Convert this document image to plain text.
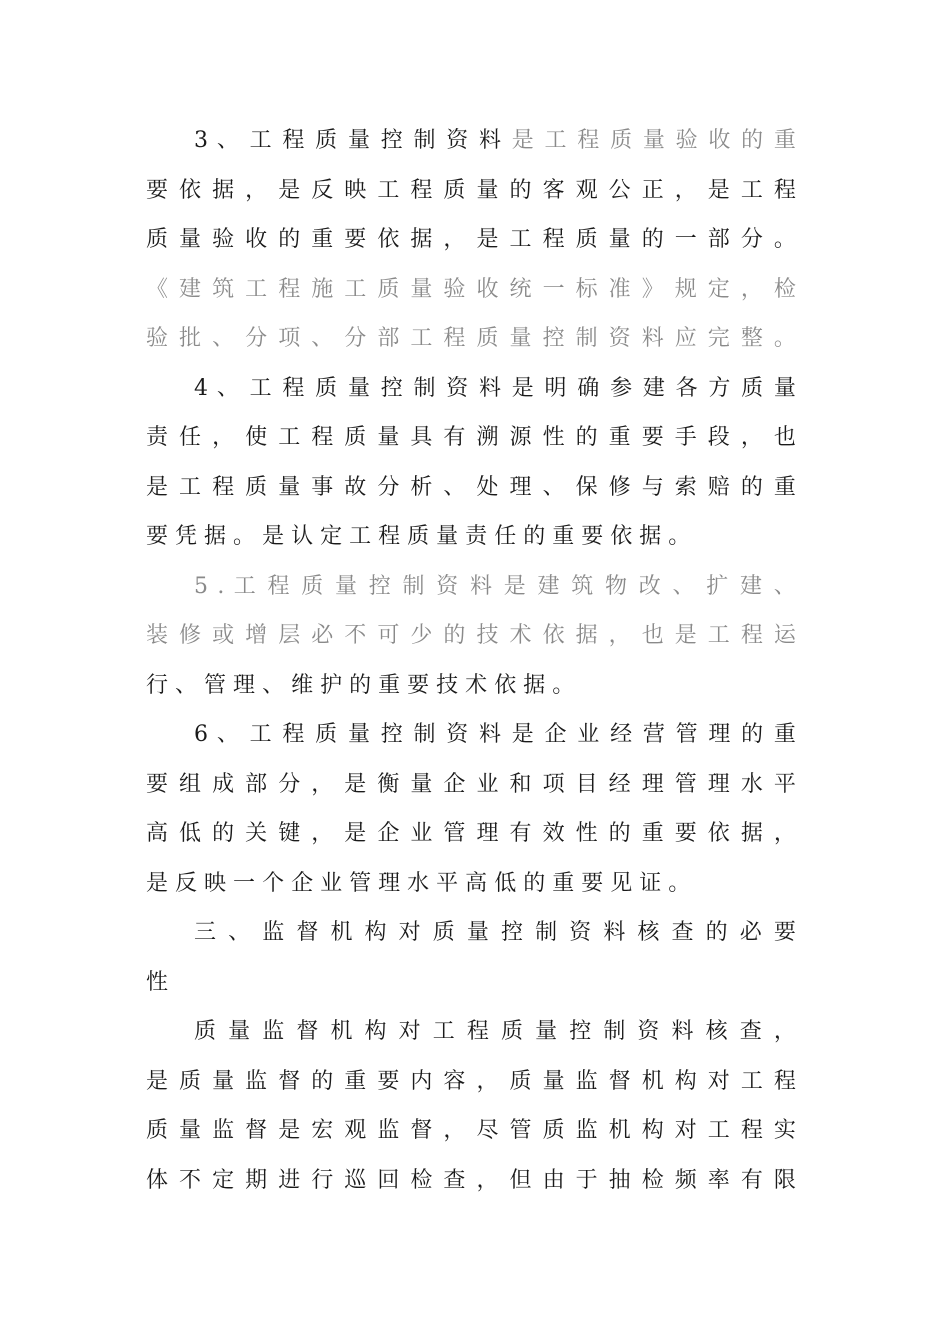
3 、 工 程 质 量 控 制 资 料 是 工 程 质 量 验 收 的 重
要 依 据 ， 是 反 映 工 程 质 量 的 客 观 公 正 ， 是 工 程
质 量 验 收 的 重 要 依 据 ， 是 工 程 质 量 的 一 部 分 。
《 建 筑 工 程 施 工 质 量 验 收 统 一 标 准 》 规 定 ， 检
验 批 、 分 项 、 分 部 工 程 质 量 控 制 资 料 应 完 整 。
4 、 工 程 质 量 控 制 资 料 是 明 确 参 建 各 方 质 量
责 任 ， 使 工 程 质 量 具 有 溯 源 性 的 重 要 手 段 ， 也
是 工 程 质 量 事 故 分 析 、 处 理 、 保 修 与 索 赔 的 重
要 凭 据 。 是 认 定 工 程 质 量 责 任 的 重 要 依 据 。
5 . 工 程 质 量 控 制 资 料 是 建 筑 物 改 、 扩 建 、
装 修 或 增 层 必 不 可 少 的 技 术 依 据 ， 也 是 工 程 运
行 、 管 理 、 维 护 的 重 要 技 术 依 据 。
6 、 工 程 质 量 控 制 资 料 是 企 业 经 营 管 理 的 重
要 组 成 部 分 ， 是 衡 量 企 业 和 项 目 经 理 管 理 水 平
高 低 的 关 键 ， 是 企 业 管 理 有 效 性 的 重 要 依 据 ，
是 反 映 一 个 企 业 管 理 水 平 高 低 的 重 要 见 证 。
三 、 监 督 机 构 对 质 量 控 制 资 料 核 查 的 必 要
性
质 量 监 督 机 构 对 工 程 质 量 控 制 资 料 核 查 ，
是 质 量 监 督 的 重 要 内 容 ， 质 量 监 督 机 构 对 工 程
质 量 监 督 是 宏 观 监 督 ， 尽 管 质 监 机 构 对 工 程 实
体 不 定 期 进 行 巡 回 检 查 ， 但 由 于 抽 检 频 率 有 限
